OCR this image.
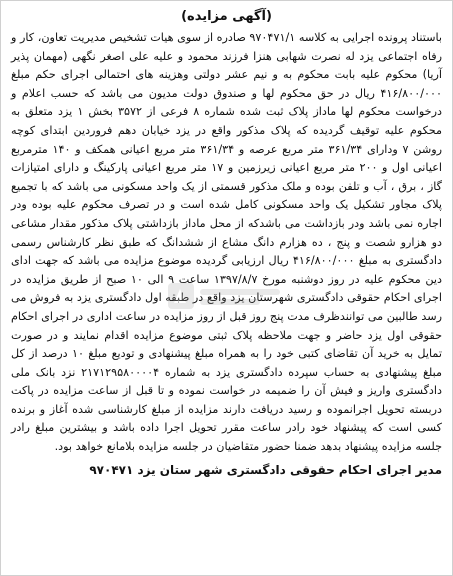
(آگهی مزایده)

باستناد پرونده اجرایی به کلاسه ۹۷۰۴۷۱/۱ صادره از سوی هیات تشخیص مدیریت تعاون، کار و رفاه اجتماعی یزد له نصرت شهابی هنزا فرزند محمود و علیه علی اصغر نگهی (مهمان پذیر آریا) محکوم علیه بابت محکوم به و نیم عشر دولتی وهزینه های احتمالی اجرای حکم مبلغ ۴۱۶/۸۰۰/۰۰۰ ریال در حق محکوم لها و صندوق دولت مدیون می باشد که حسب اعلام و درخواست محکوم لها ماداز پلاک ثبت شده شماره ۸ فرعی از ۳۵۷۲ بخش ۱ یزد متعلق به محکوم علیه توقیف گردیده که پلاک مذکور واقع در یزد خیابان دهم فروردین ابتدای کوچه روشن ۷ ودارای ۳۶۱/۳۴ متر مربع عرصه و ۳۶۱/۳۴ متر مربع اعیانی همکف و ۱۴۰ مترمربع اعیانی اول و ۲۰۰ متر مربع اعیانی زیرزمین و ۱۷ متر مربع اعیانی پارکینگ و دارای امتیازات گاز ، برق ، آب و تلفن بوده و ملک مذکور قسمتی از یک واحد مسکونی می باشد که با تجمیع پلاک مجاور تشکیل یک واحد مسکونی کامل شده است و در تصرف محکوم علیه بوده ودر اجاره نمی باشد ودر بازداشت می باشدکه از محل ماداز بازداشتی پلاک مذکور مقدار مشاعی دو هزارو شصت و پنج ، ده هزارم دانگ مشاع از ششدانگ که طبق نظر کارشناس رسمی دادگستری به مبلغ ۴۱۶/۸۰۰/۰۰۰ ریال ارزیابی گردیده موضوع مزایده می باشد که جهت ادای دین محکوم علیه در روز دوشنبه مورخ ۱۳۹۷/۸/۷ ساعت ۹ الی ۱۰ صبح از طریق مزایده در اجرای احکام حقوقی دادگستری شهرستان یزد واقع در طبقه اول دادگستری یزد به فروش می رسد طالبین می توانندظرف مدت پنج روز قبل از روز مزایده در ساعت اداری در اجرای احکام حقوقی اول یزد حاضر و جهت ملاحظه پلاک ثبتی موضوع مزایده اقدام نمایند و در صورت تمایل به خرید آن تقاضای کتبی خود را به همراه مبلغ پیشنهادی و تودیع مبلغ ۱۰ درصد از کل مبلغ پیشنهادی به حساب سپرده دادگستری یزد به شماره ۲۱۷۱۲۹۵۸۰۰۰۰۴ نزد بانک ملی دادگستری واریز و فیش آن را ضمیمه در خواست نموده و تا قبل از ساعت مزایده در پاکت دربسته تحویل اجرانموده و رسید دریافت دارند مزایده از مبلغ کارشناسی شده آغاز و برنده کسی است که پیشنهاد خود رادر ساعت مقرر تحویل اجرا داده باشد و بیشترین مبلغ رادر جلسه مزایده پیشنهاد بدهد ضمنا حضور متقاضیان در جلسه مزایده بلامانع خواهد بود.

مدیر اجرای احکام حقوقی دادگستری شهر ستان یزد ۹۷۰۴۷۱
